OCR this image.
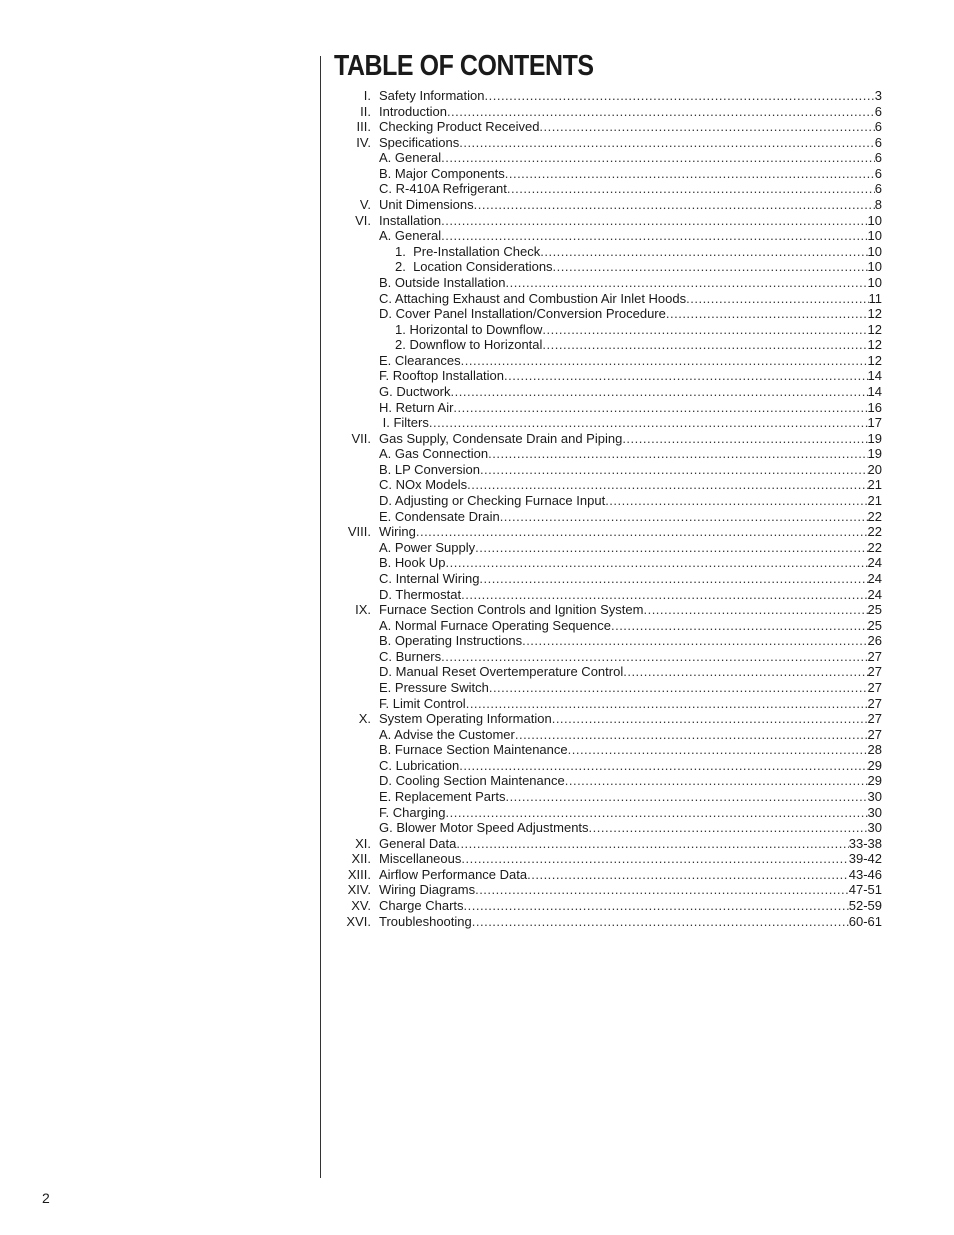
TABLE OF CONTENTS
I. Safety Information .....	3
II. Introduction .....	6
III. Checking Product Received .....	6
IV. Specifications .....	6
A. General .....	6
B. Major Components .....	6
C. R-410A Refrigerant .....	6
V. Unit Dimensions .....	8
VI. Installation .....	10
A. General .....	10
1.  Pre-Installation Check .....	10
2.  Location Considerations .....	10
B. Outside Installation .....	10
C. Attaching Exhaust and Combustion Air Inlet Hoods .....	11
D. Cover Panel Installation/Conversion Procedure .....	12
1. Horizontal to Downflow .....	12
2. Downflow to Horizontal .....	12
E. Clearances .....	12
F. Rooftop Installation .....	14
G. Ductwork .....	14
H. Return Air .....	16
I. Filters .....	17
VII. Gas Supply, Condensate Drain and Piping .....	19
A. Gas Connection .....	19
B. LP Conversion .....	20
C. NOx Models .....	21
D. Adjusting or Checking Furnace Input .....	21
E. Condensate Drain .....	22
VIII. Wiring .....	22
A. Power Supply .....	22
B. Hook Up .....	24
C. Internal Wiring .....	24
D. Thermostat .....	24
IX. Furnace Section Controls and Ignition System .....	25
A. Normal Furnace Operating Sequence .....	25
B. Operating Instructions .....	26
C. Burners .....	27
D. Manual Reset Overtemperature Control .....	27
E. Pressure Switch .....	27
F. Limit Control .....	27
X. System Operating Information .....	27
A. Advise the Customer .....	27
B. Furnace Section Maintenance .....	28
C. Lubrication .....	29
D. Cooling Section Maintenance .....	29
E. Replacement Parts .....	30
F. Charging .....	30
G. Blower Motor Speed Adjustments .....	30
XI. General Data .....	33-38
XII. Miscellaneous .....	39-42
XIII. Airflow Performance Data .....	43-46
XIV. Wiring Diagrams .....	47-51
XV. Charge Charts .....	52-59
XVI. Troubleshooting .....	60-61
2
